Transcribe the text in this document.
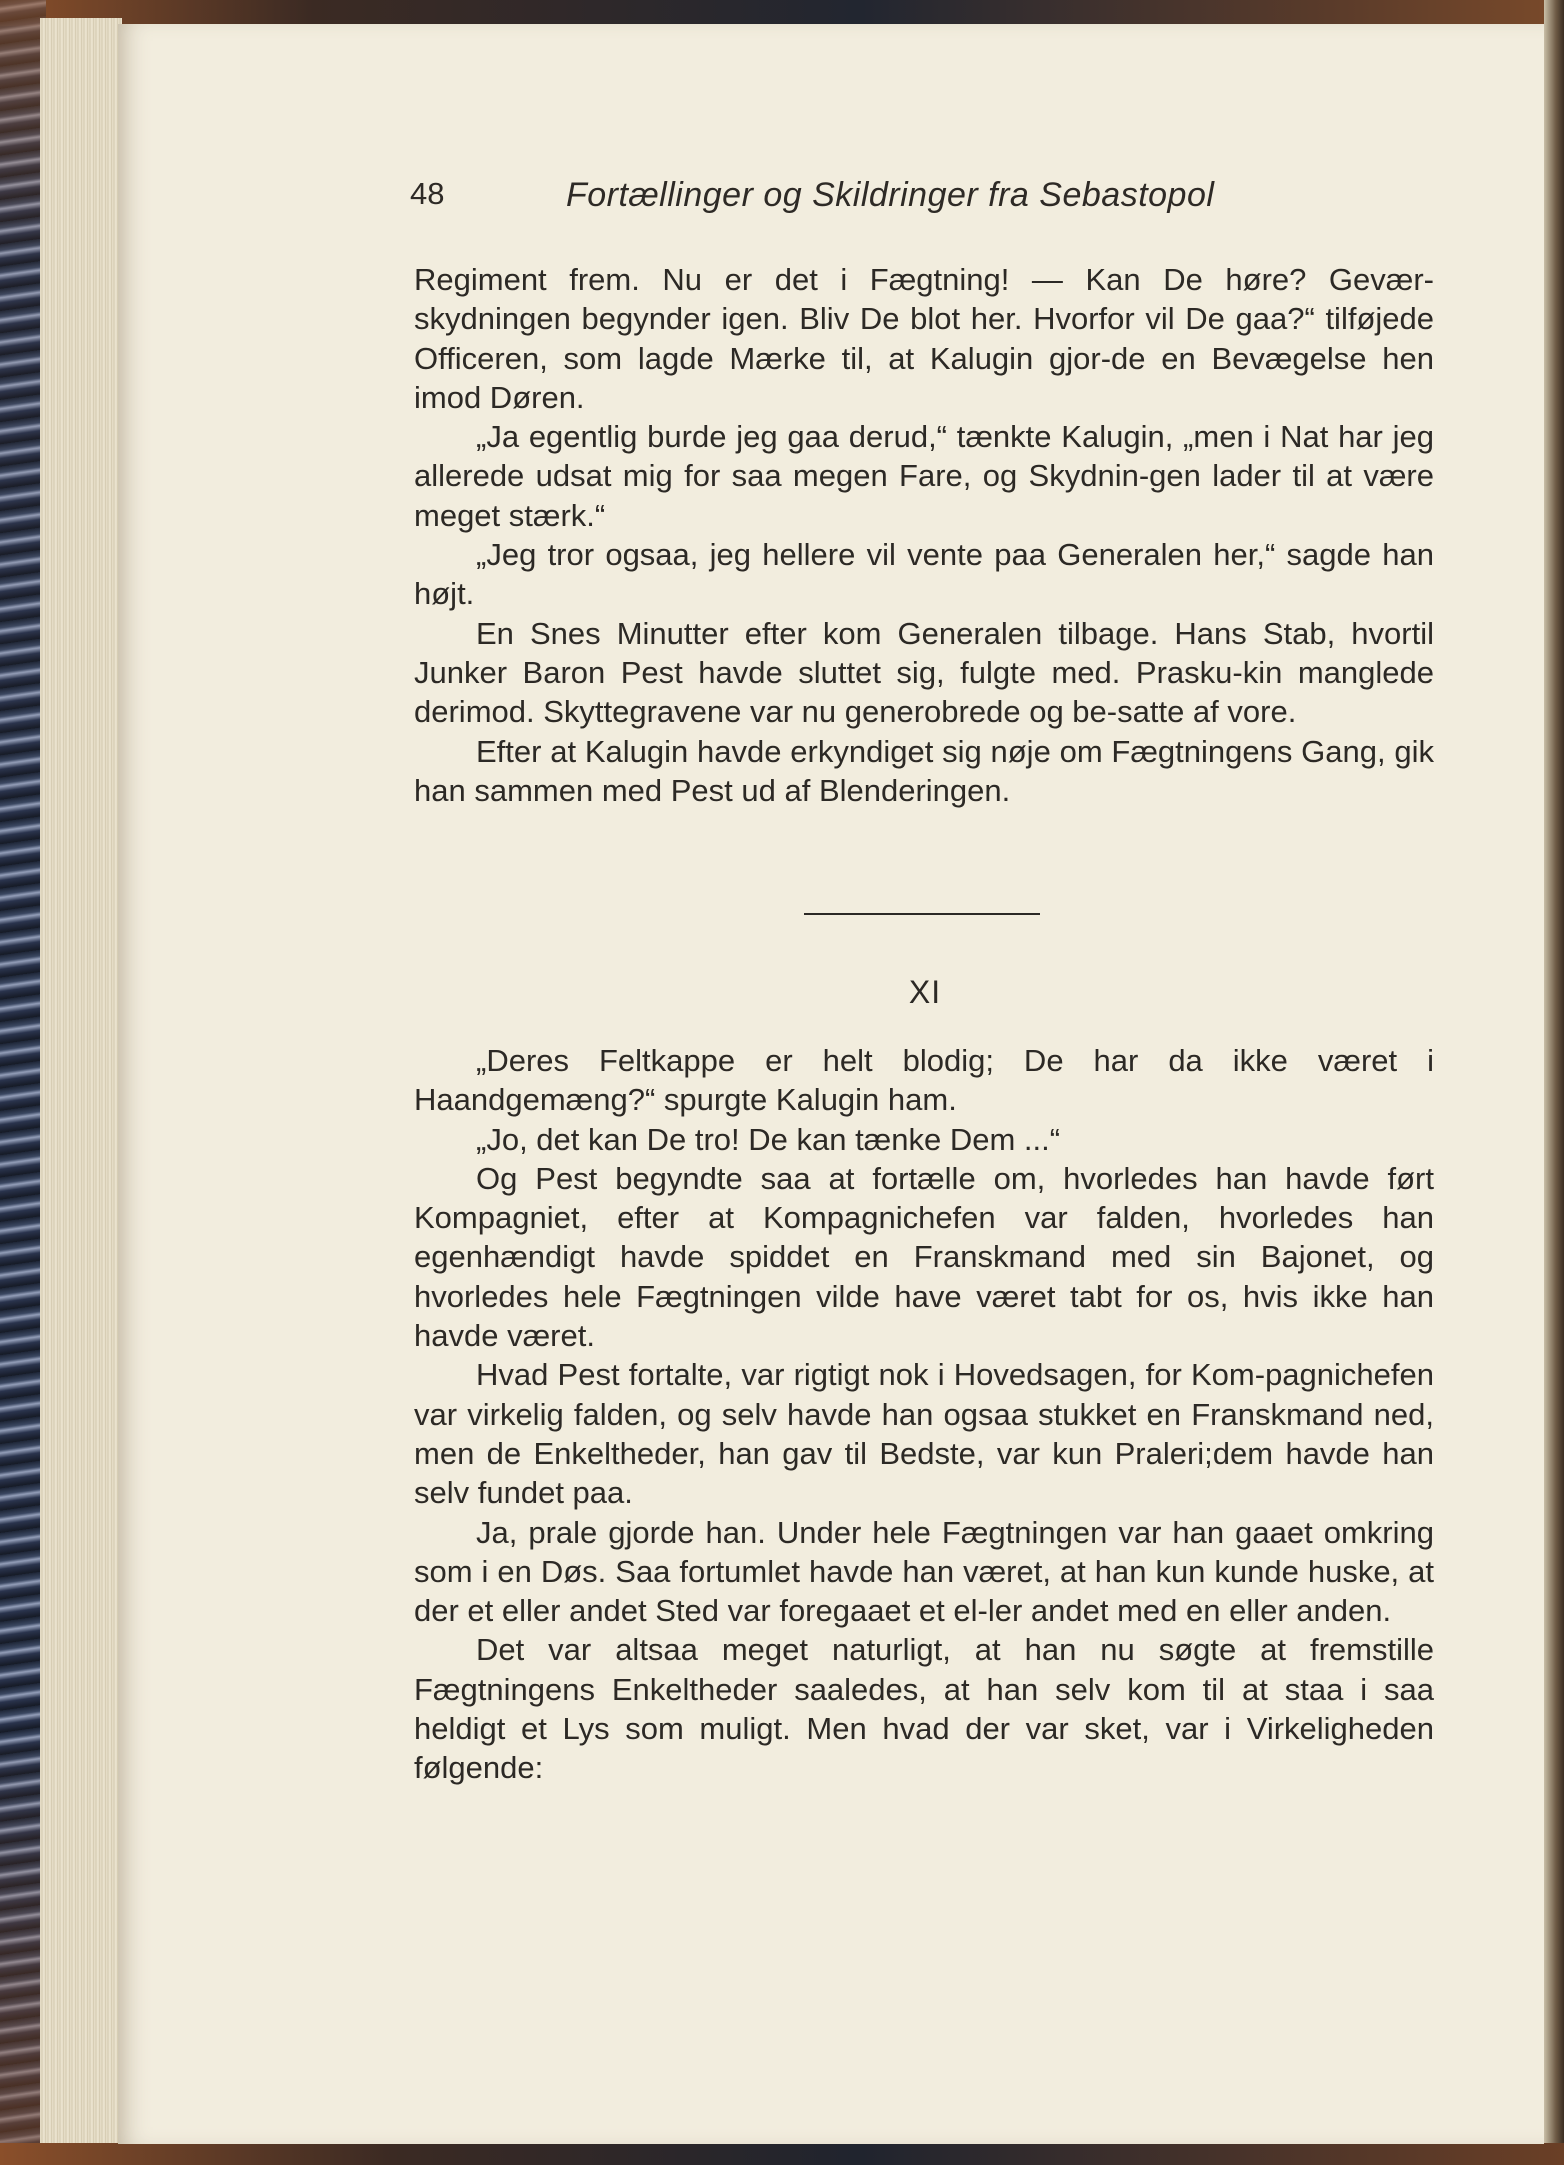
48	Fortællinger og Skildringer fra Sebastopol

Regiment frem. Nu er det i Fægtning! — Kan De høre? Gevær-skydningen begynder igen. Bliv De blot her. Hvorfor vil De gaa?“ tilføjede Officeren, som lagde Mærke til, at Kalugin gjor-de en Bevægelse hen imod Døren.

„Ja egentlig burde jeg gaa derud,“ tænkte Kalugin, „men i Nat har jeg allerede udsat mig for saa megen Fare, og Skydnin-gen lader til at være meget stærk.“

„Jeg tror ogsaa, jeg hellere vil vente paa Generalen her,“ sagde han højt.

En Snes Minutter efter kom Generalen tilbage. Hans Stab, hvortil Junker Baron Pest havde sluttet sig, fulgte med. Prasku-kin manglede derimod. Skyttegravene var nu generobrede og be-satte af vore.

Efter at Kalugin havde erkyndiget sig nøje om Fægtningens Gang, gik han sammen med Pest ud af Blenderingen.

XI

„Deres Feltkappe er helt blodig; De har da ikke været i Haandgemæng?“ spurgte Kalugin ham.

„Jo, det kan De tro! De kan tænke Dem ...“

Og Pest begyndte saa at fortælle om, hvorledes han havde ført Kompagniet, efter at Kompagnichefen var falden, hvorledes han egenhændigt havde spiddet en Franskmand med sin Bajonet, og hvorledes hele Fægtningen vilde have været tabt for os, hvis ikke han havde været.

Hvad Pest fortalte, var rigtigt nok i Hovedsagen, for Kom-pagnichefen var virkelig falden, og selv havde han ogsaa stukket en Franskmand ned, men de Enkeltheder, han gav til Bedste, var kun Praleri;dem havde han selv fundet paa.

Ja, prale gjorde han. Under hele Fægtningen var han gaaet omkring som i en Døs. Saa fortumlet havde han været, at han kun kunde huske, at der et eller andet Sted var foregaaet et el-ler andet med en eller anden.

Det var altsaa meget naturligt, at han nu søgte at fremstille Fægtningens Enkeltheder saaledes, at han selv kom til at staa i saa heldigt et Lys som muligt. Men hvad der var sket, var i Virkeligheden følgende:
